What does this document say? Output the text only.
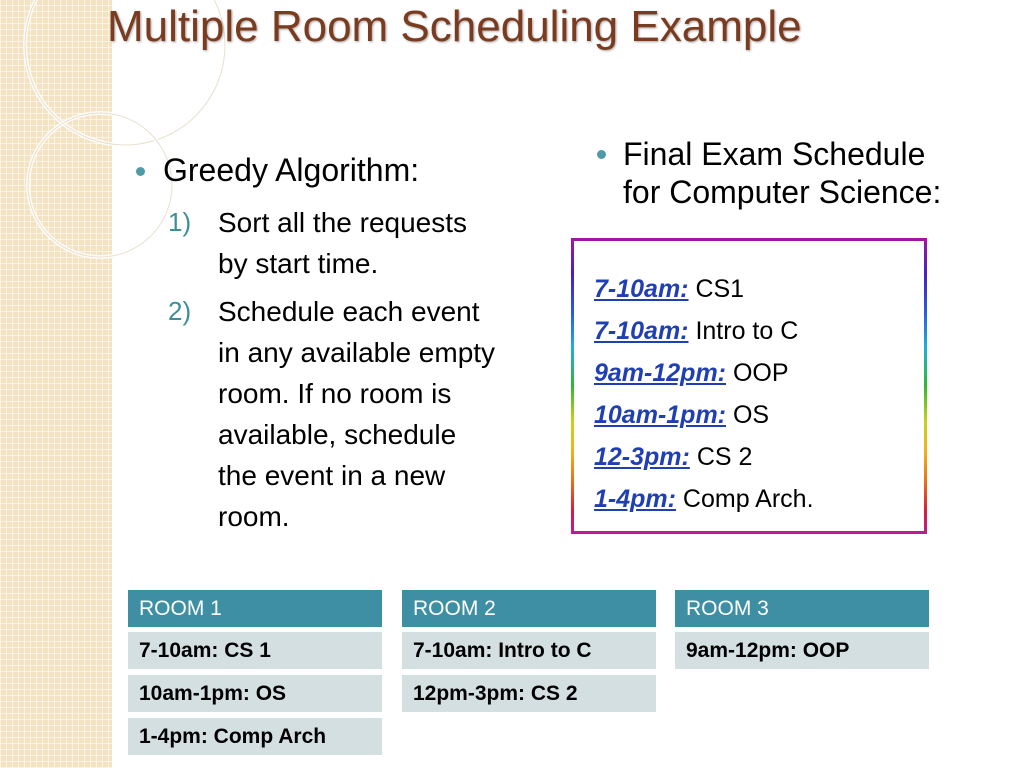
Multiple Room Scheduling Example
Greedy Algorithm:
1) Sort all the requests
by start time.
2) Schedule each event
in any available empty
room. If no room is
available, schedule
the event in a new
room.
Final Exam Schedule
for Computer Science:
7-10am: CS1
7-10am: Intro to C
9am-12pm: OOP
10am-1pm: OS
12-3pm: CS 2
1-4pm: Comp Arch.
ROOM 1
7-10am: CS 1
10am-1pm: OS
1-4pm: Comp Arch
ROOM 2
7-10am: Intro to C
12pm-3pm: CS 2
ROOM 3
9am-12pm: OOP
